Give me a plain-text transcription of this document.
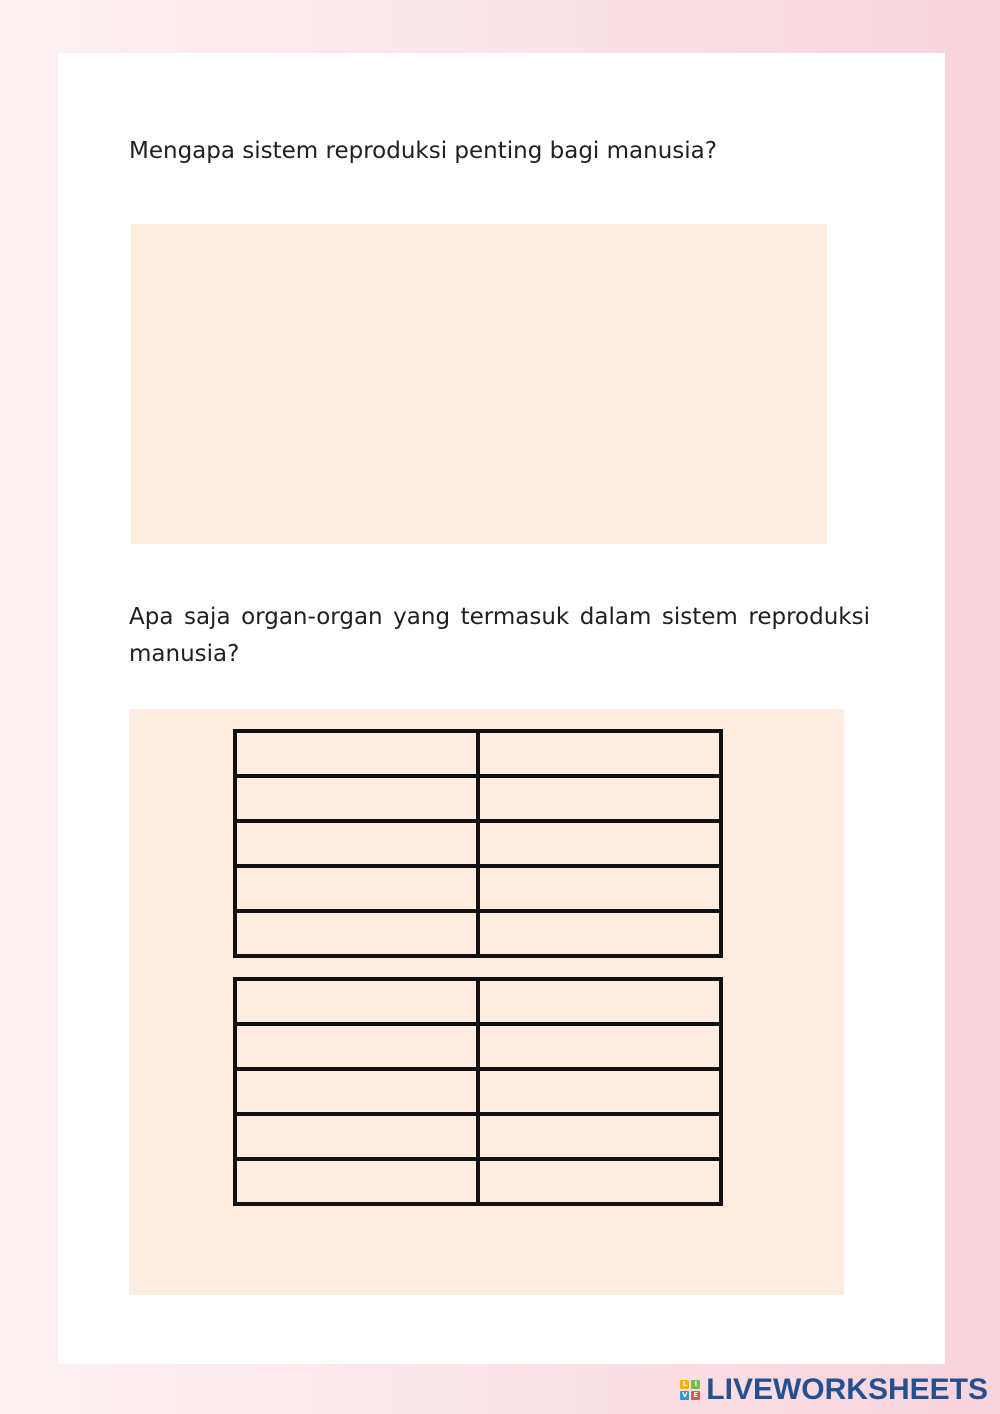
Mengapa sistem reproduksi penting bagi manusia?

Apa saja organ-organ yang termasuk dalam sistem reproduksi manusia?

L	I
V E LIVEWORKSHEETS
